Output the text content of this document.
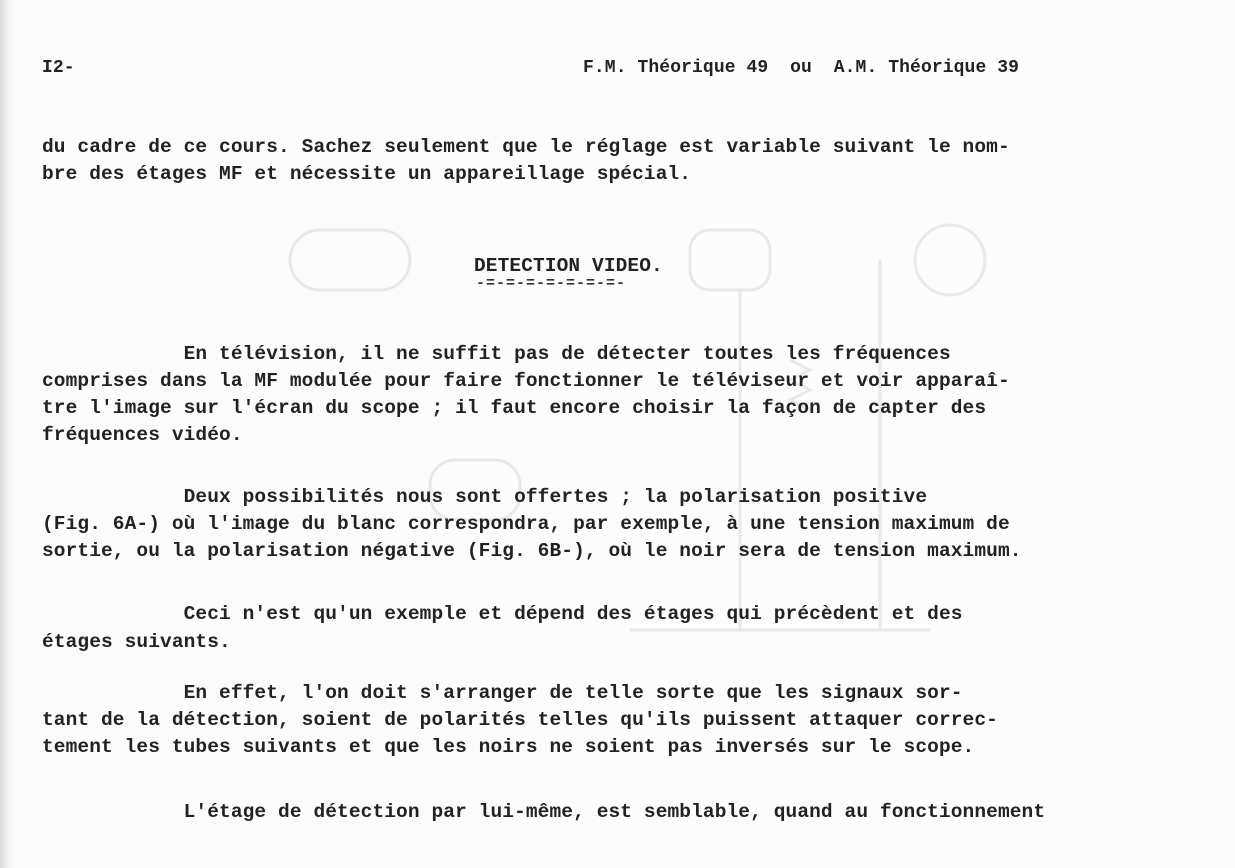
I2-	F.M. Théorique 49  ou  A.M. Théorique 39
du cadre de ce cours. Sachez seulement que le réglage est variable suivant le nom-
bre des étages MF et nécessite un appareillage spécial.
DETECTION VIDEO.
-=-=-=-=-=-=-=-
En télévision, il ne suffit pas de détecter toutes les fréquences
comprises dans la MF modulée pour faire fonctionner le téléviseur et voir apparaî-
tre l'image sur l'écran du scope ; il faut encore choisir la façon de capter des
fréquences vidéo.
Deux possibilités nous sont offertes ; la polarisation positive
(Fig. 6A-) où l'image du blanc correspondra, par exemple, à une tension maximum de
sortie, ou la polarisation négative (Fig. 6B-), où le noir sera de tension maximum.
Ceci n'est qu'un exemple et dépend des étages qui précèdent et des
étages suivants.
En effet, l'on doit s'arranger de telle sorte que les signaux sor-
tant de la détection, soient de polarités telles qu'ils puissent attaquer correc-
tement les tubes suivants et que les noirs ne soient pas inversés sur le scope.
L'étage de détection par lui-même, est semblable, quand au fonctionnement
